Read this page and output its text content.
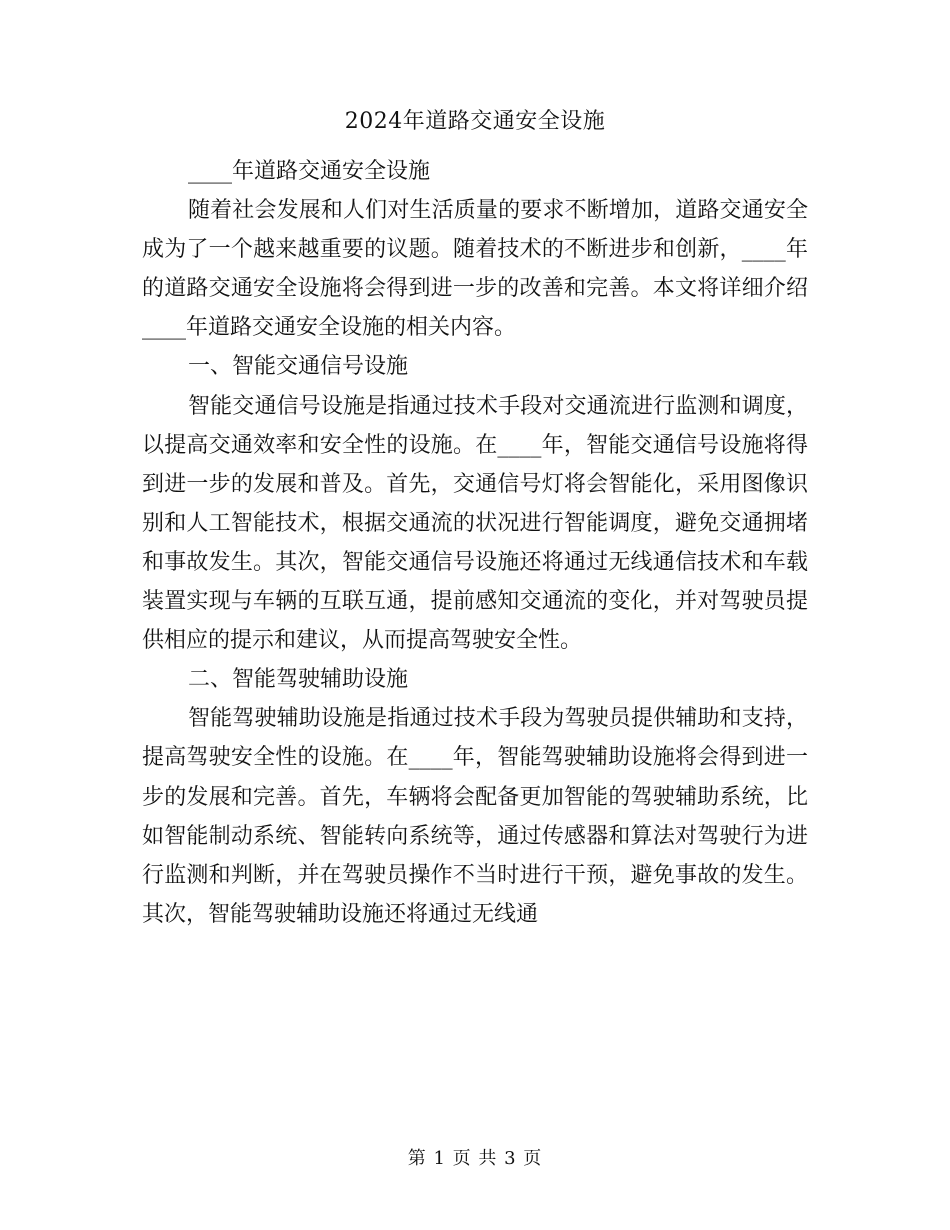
2024年道路交通安全设施

____年道路交通安全设施

随着社会发展和人们对生活质量的要求不断增加，道路交通安全成为了一个越来越重要的议题。随着技术的不断进步和创新，____年的道路交通安全设施将会得到进一步的改善和完善。本文将详细介绍____年道路交通安全设施的相关内容。

一、智能交通信号设施

智能交通信号设施是指通过技术手段对交通流进行监测和调度，以提高交通效率和安全性的设施。在____年，智能交通信号设施将得到进一步的发展和普及。首先，交通信号灯将会智能化，采用图像识别和人工智能技术，根据交通流的状况进行智能调度，避免交通拥堵和事故发生。其次，智能交通信号设施还将通过无线通信技术和车载装置实现与车辆的互联互通，提前感知交通流的变化，并对驾驶员提供相应的提示和建议，从而提高驾驶安全性。

二、智能驾驶辅助设施

智能驾驶辅助设施是指通过技术手段为驾驶员提供辅助和支持，提高驾驶安全性的设施。在____年，智能驾驶辅助设施将会得到进一步的发展和完善。首先，车辆将会配备更加智能的驾驶辅助系统，比如智能制动系统、智能转向系统等，通过传感器和算法对驾驶行为进行监测和判断，并在驾驶员操作不当时进行干预，避免事故的发生。其次，智能驾驶辅助设施还将通过无线通

第 1 页 共 3 页
